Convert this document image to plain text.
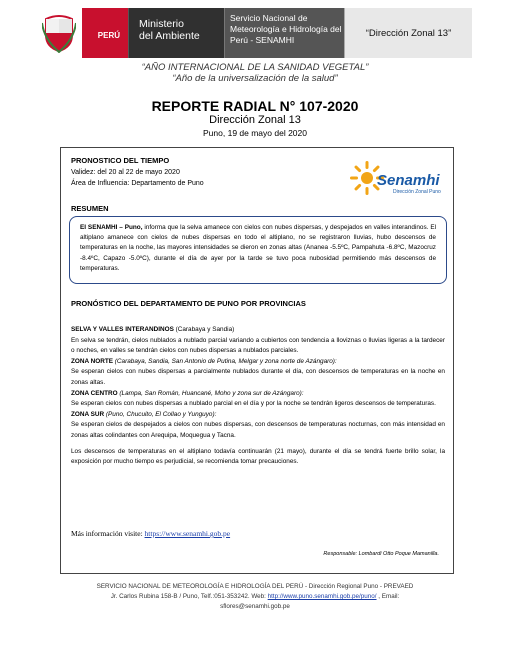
PERÚ
Ministerio
del Ambiente
Servicio Nacional de
Meteorología e Hidrología del
Perú - SENAMHI
“Dirección Zonal 13”
“AÑO INTERNACIONAL DE LA SANIDAD VEGETAL”
“Año de la universalización de la salud”
REPORTE RADIAL N° 107-2020
Dirección Zonal 13
Puno, 19 de mayo del 2020
PRONOSTICO DEL TIEMPO
Validez: del 20 al 22 de mayo 2020
Área de Influencia: Departamento de Puno	Senamhi
Dirección Zonal Puno
RESUMEN
EI SENAMHI – Puno, informa que la selva amanece con cielos con nubes dispersas, y despejados en valles interandinos. El altiplano amanece con cielos de nubes dispersas en todo el altiplano, no se registraron lluvias, hubo descensos de temperaturas en la noche, las mayores intensidades se dieron en zonas altas (Ananea -5.5ºC, Pampahuta -6.8ºC, Mazocruz -8.4ºC, Capazo -5.0ºC), durante el día de ayer por la tarde se tuvo poca nubosidad permitiendo más descensos de temperaturas.
PRONÓSTICO DEL DEPARTAMENTO DE PUNO POR PROVINCIAS

SELVA Y VALLES INTERANDINOS (Carabaya y Sandia)

En selva se tendrán, cielos nublados a nublado parcial variando a cubiertos con tendencia a lloviznas o lluvias ligeras a la tardecer o noches, en valles se tendrán cielos con nubes dispersas a nublados parciales.

ZONA NORTE (Carabaya, Sandia, San Antonio de Putina, Melgar y zona norte de Azángaro):

Se esperan cielos con nubes dispersas a parcialmente nublados durante el día, con descensos de temperaturas en la noche en zonas altas.

ZONA CENTRO (Lampa, San Román, Huancané, Moho y zona sur de Azángaro):

Se esperan cielos con nubes dispersas a nublado parcial en el día y por la noche se tendrán ligeros descensos de temperaturas.

ZONA SUR (Puno, Chucuito, El Collao y Yunguyo):

Se esperan cielos de despejados a cielos con nubes dispersas, con descensos de temperaturas nocturnas, con más intensidad en zonas altas colindantes con Arequipa, Moquegua y Tacna.

Los descensos de temperaturas en el altiplano todavía continuarán (21 mayo), durante el día se tendrá fuerte brillo solar, la exposición por mucho tiempo es perjudicial, se recomienda tomar precauciones.

Más información visite: https://www.senamhi.gob.pe
Responsable: Lombardi Otto Poque Mamanilla.
SERVICIO NACIONAL DE METEOROLOGÍA E HIDROLOGÍA DEL PERÚ - Dirección Regional Puno - PREVAED
Jr. Carlos Rubina 158-B / Puno, Telf.:051-353242. Web: http://www.puno.senamhi.gob.pe/puno/ , Email:
sflores@senamhi.gob.pe
